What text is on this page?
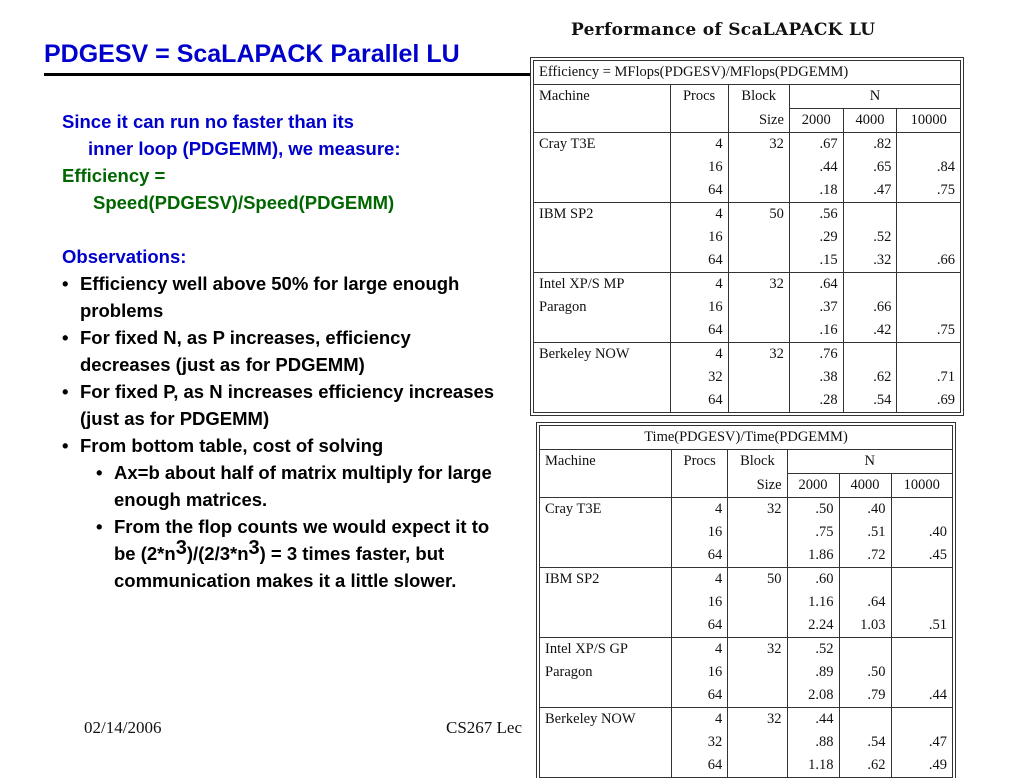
PDGESV = ScaLAPACK Parallel LU

Since it can run no faster than its

inner loop (PDGEMM), we measure:

Efficiency =

Speed(PDGESV)/Speed(PDGEMM)

Observations:

• Efficiency well above 50% for large enough problems

• For fixed N, as P increases, efficiency decreases (just as for PDGEMM)

• For fixed P, as N increases efficiency increases (just as for PDGEMM)

• From bottom table, cost of solving

• Ax=b about half of matrix multiply for large enough matrices.

• From the flop counts we would expect it to be $(2*n^3)/(2/3*n^3) = 3$ times faster, but communication makes it a little slower.

Performance of ScaLAPACK LU
Efficiency = MFlops(PDGESV)/MFlops(PDGEMM)					
Machine	Procs	Block	N		
		Size	2000	4000	10000
Cray T3E	4	32	.67	.82	
	16		.44	.65	.84
	64		.18	.47	.75
IBM SP2	4	50	.56		
	16		.29	.52	
	64		.15	.32	.66
Intel XP/S MP	4	32	.64		
Paragon	16		.37	.66	
	64		.16	.42	.75
Berkeley NOW	4	32	.76		
	32		.38	.62	.71
	64		.28	.54	.69
Time(PDGESV)/Time(PDGEMM)					
Machine	Procs	Block	N		
		Size	2000	4000	10000
Cray T3E	4	32	.50	.40	
	16		.75	.51	.40
	64		1.86	.72	.45
IBM SP2	4	50	.60		
	16		1.16	.64	
	64		2.24	1.03	.51
Intel XP/S GP	4	32	.52		
Paragon	16		.89	.50	
	64		2.08	.79	.44
Berkeley NOW	4	32	.44		
	32		.88	.54	.47
	64		1.18	.62	.49
02/14/2006	CS267 Lec
